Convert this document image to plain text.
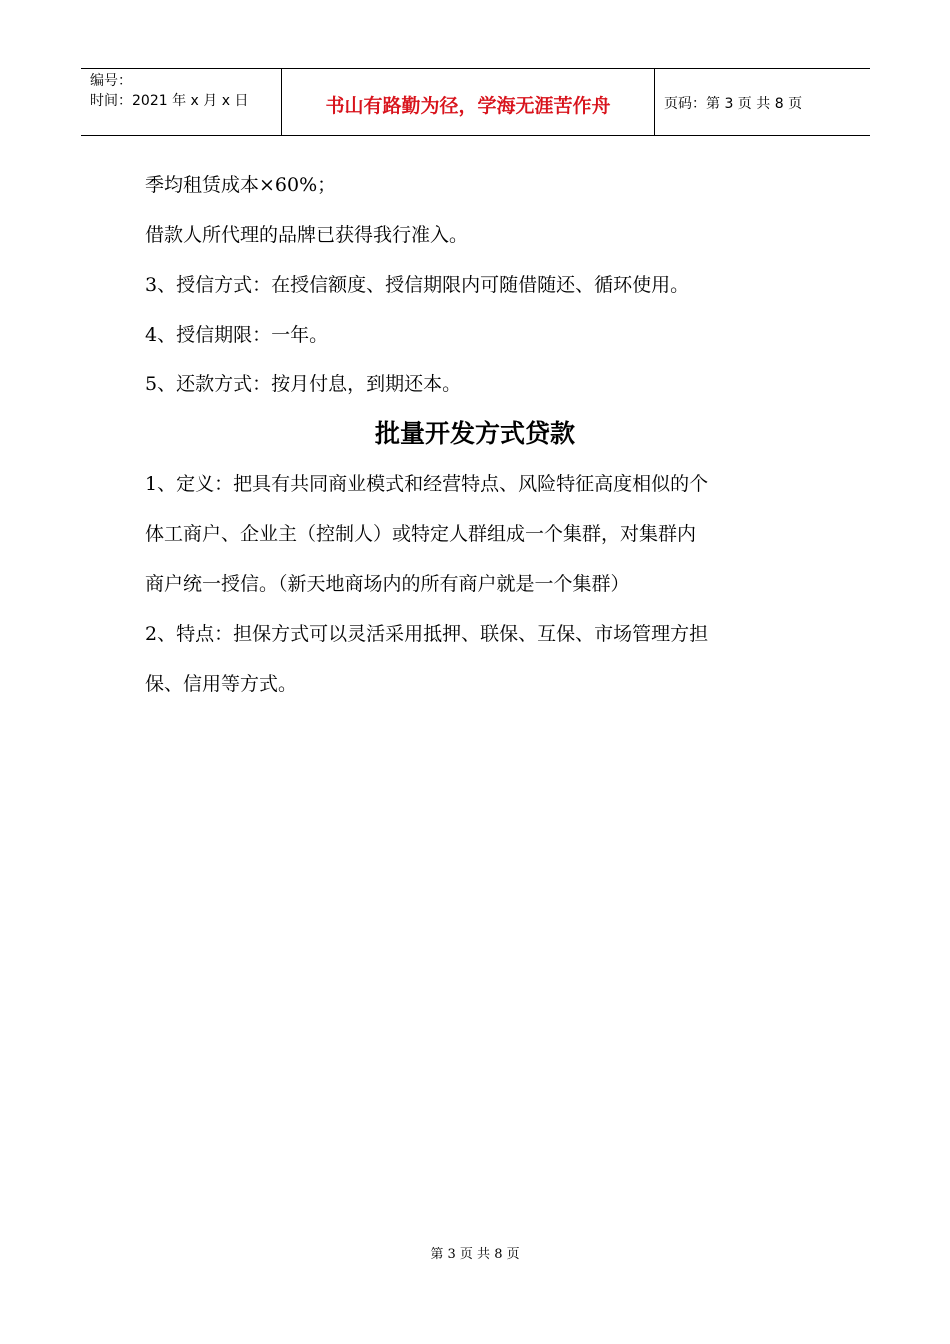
编号：
时间：2021 年 x 月 x 日	书山有路勤为径，学海无涯苦作舟	页码：第 3 页 共 8 页
季均租赁成本×60%；
借款人所代理的品牌已获得我行准入。
3、授信方式：在授信额度、授信期限内可随借随还、循环使用。
4、授信期限：一年。
5、还款方式：按月付息，到期还本。
批量开发方式贷款
1、定义：把具有共同商业模式和经营特点、风险特征高度相似的个
体工商户、企业主（控制人）或特定人群组成一个集群，对集群内
商户统一授信。（新天地商场内的所有商户就是一个集群）
2、特点：担保方式可以灵活采用抵押、联保、互保、市场管理方担
保、信用等方式。
第 3 页 共 8 页
